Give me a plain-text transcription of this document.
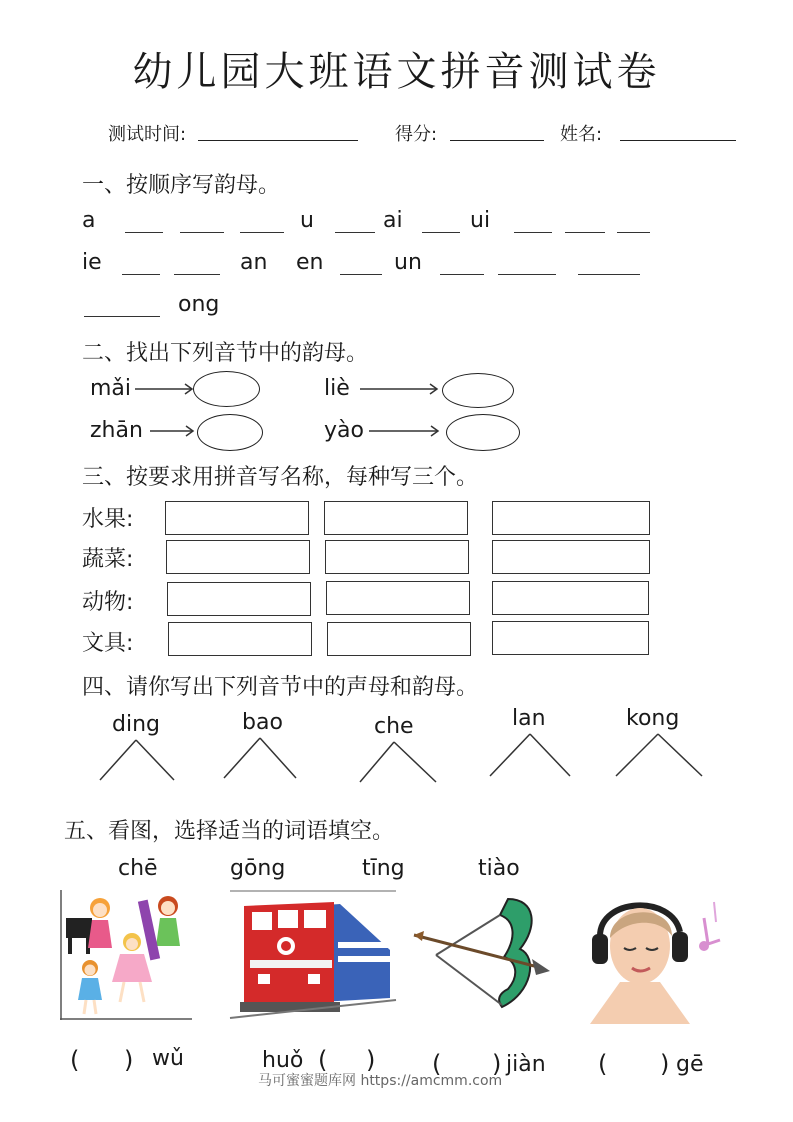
幼儿园大班语文拼音测试卷
测试时间:	得分:	姓名:
一、按顺序写韵母。
a	u	ai	ui
ie	an en	un
ong
二、找出下列音节中的韵母。
mǎi	liè
zhān	yào
三、按要求用拼音写名称，每种写三个。
水果:
蔬菜:
动物:
文具:
四、请你写出下列音节中的声母和韵母。
ding	bao	che	lan	kong
五、看图，选择适当的词语填空。
chē	gōng	tīng	tiào
( ) wǔ	huǒ ( ) ( ) jiàn ( ) gē
马可蜜蜜题库网 https://amcmm.com
